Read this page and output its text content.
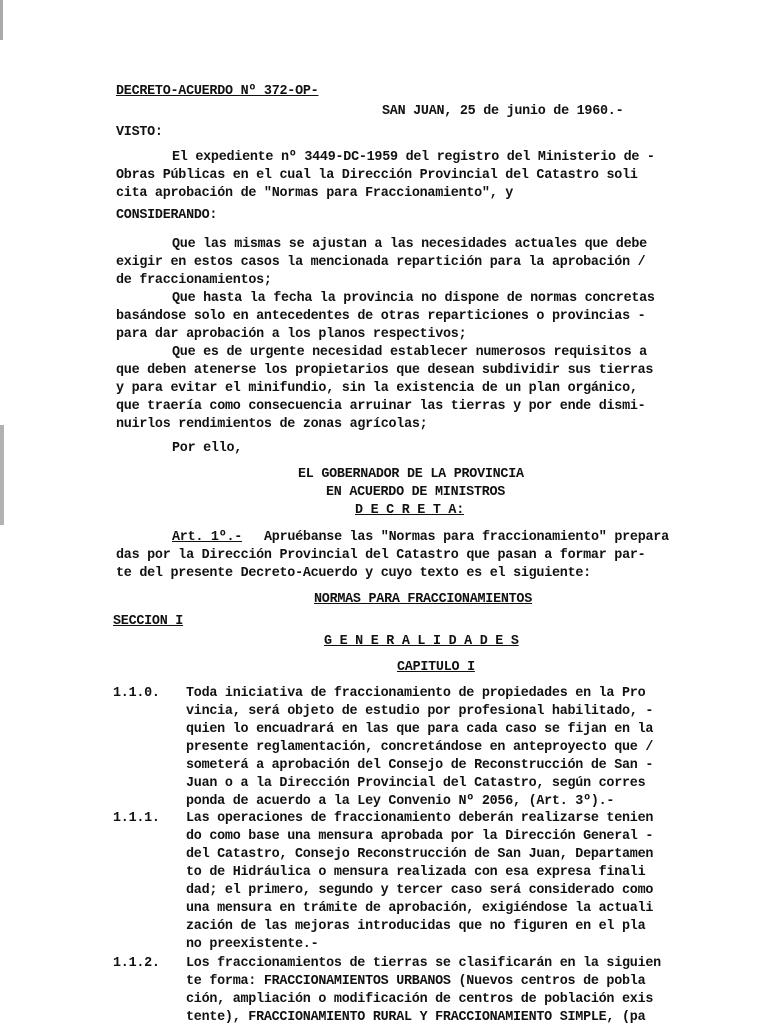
DECRETO-ACUERDO Nº 372-OP-
SAN JUAN, 25 de junio de 1960.-
VISTO:
El expediente nº 3449-DC-1959 del registro del Ministerio de -
Obras Públicas en el cual la Dirección Provincial del Catastro soli
cita aprobación de "Normas para Fraccionamiento", y
CONSIDERANDO:
Que las mismas se ajustan a las necesidades actuales que debe
exigir en estos casos la mencionada repartición para la aprobación /
de fraccionamientos;
Que hasta la fecha la provincia no dispone de normas concretas
basándose solo en antecedentes de otras reparticiones o provincias -
para dar aprobación a los planos respectivos;
Que es de urgente necesidad establecer numerosos requisitos a
que deben atenerse los propietarios que desean subdividir sus tierras
y para evitar el minifundio, sin la existencia de un plan orgánico,
que traería como consecuencia arruinar las tierras y por ende dismi-
nuirlos rendimientos de zonas agrícolas;
Por ello,
EL GOBERNADOR DE LA PROVINCIA
EN ACUERDO DE MINISTROS
D E C R E T A:
Art. 1º.- Apruébanse las "Normas para fraccionamiento" prepara
das por la Dirección Provincial del Catastro que pasan a formar par-
te del presente Decreto-Acuerdo y cuyo texto es el siguiente:
NORMAS PARA FRACCIONAMIENTOS
SECCION I
G E N E R A L I D A D E S
CAPITULO I
1.1.0. Toda iniciativa de fraccionamiento de propiedades en la Pro
vincia, será objeto de estudio por profesional habilitado, -
quien lo encuadrará en las que para cada caso se fijan en la
presente reglamentación, concretándose en anteproyecto que /
someterá a aprobación del Consejo de Reconstrucción de San -
Juan o a la Dirección Provincial del Catastro, según corres
ponda de acuerdo a la Ley Convenio Nº 2056, (Art. 3º).-
1.1.1. Las operaciones de fraccionamiento deberán realizarse tenien
do como base una mensura aprobada por la Dirección General -
del Catastro, Consejo Reconstrucción de San Juan, Departamen
to de Hidráulica o mensura realizada con esa expresa finali
dad; el primero, segundo y tercer caso será considerado como
una mensura en trámite de aprobación, exigiéndose la actuali
zación de las mejoras introducidas que no figuren en el pla
no preexistente.-
1.1.2. Los fraccionamientos de tierras se clasificarán en la siguien
te forma: FRACCIONAMIENTOS URBANOS (Nuevos centros de pobla
ción, ampliación o modificación de centros de población exis
tente), FRACCIONAMIENTO RURAL Y FRACCIONAMIENTO SIMPLE, (pa
